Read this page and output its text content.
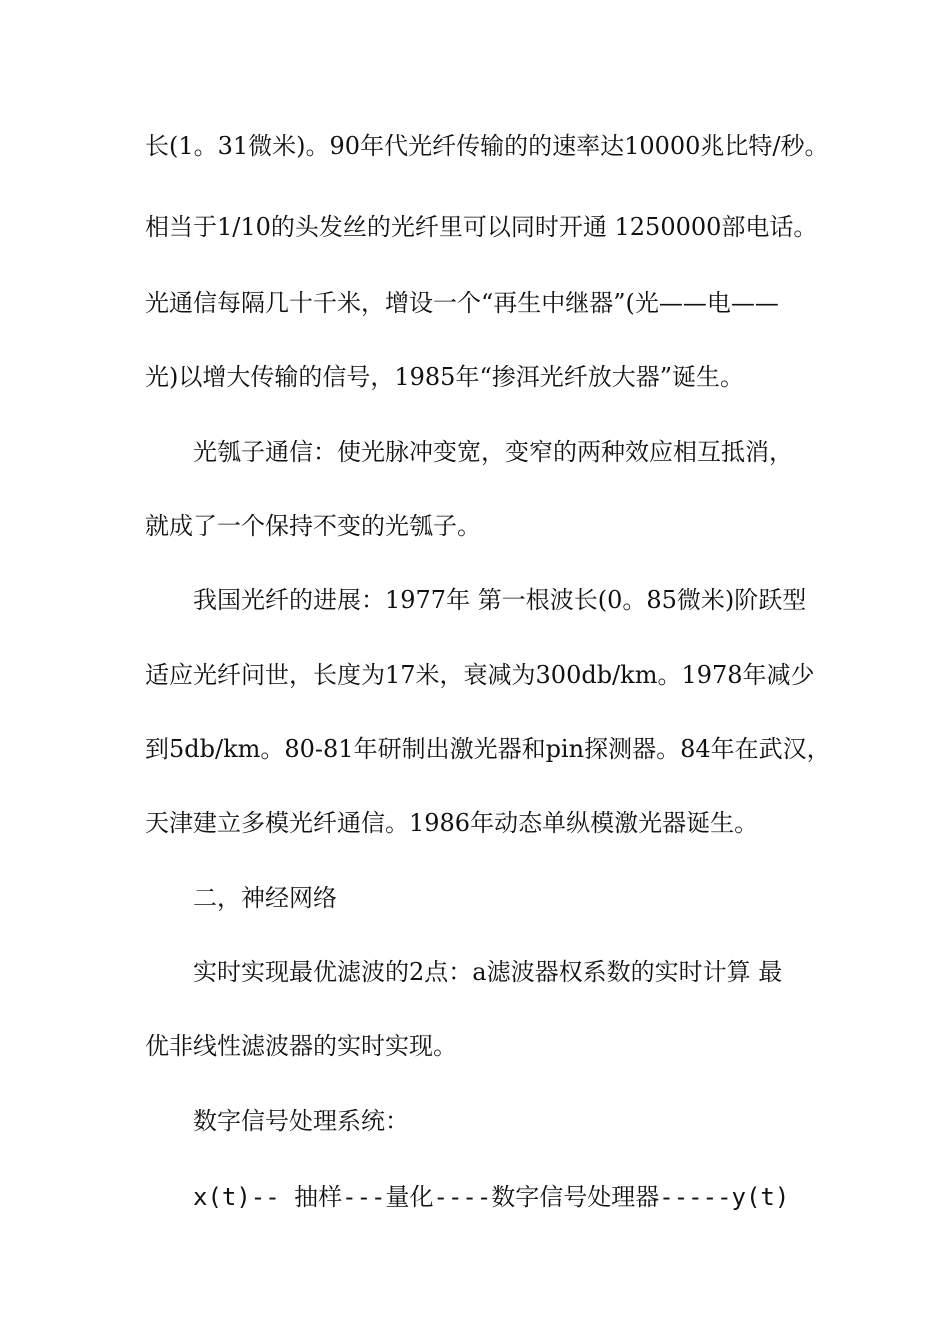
长(1。31微米)。90年代光纤传输的的速率达10000兆比特/秒。
相当于1/10的头发丝的光纤里可以同时开通 1250000部电话。
光通信每隔几十千米，增设一个“再生中继器”(光——电——
光)以增大传输的信号，1985年“掺洱光纤放大器”诞生。
光瓠子通信：使光脉冲变宽，变窄的两种效应相互抵消，
就成了一个保持不变的光瓠子。
我国光纤的进展：1977年 第一根波长(0。85微米)阶跃型
适应光纤问世，长度为17米，衰减为300db/km。1978年减少
到5db/km。80-81年研制出激光器和pin探测器。84年在武汉，
天津建立多模光纤通信。1986年动态单纵模激光器诞生。
二，神经网络
实时实现最优滤波的2点：a滤波器权系数的实时计算 最
优非线性滤波器的实时实现。
数字信号处理系统：
x(t)-- 抽样---量化----数字信号处理器-----y(t)
